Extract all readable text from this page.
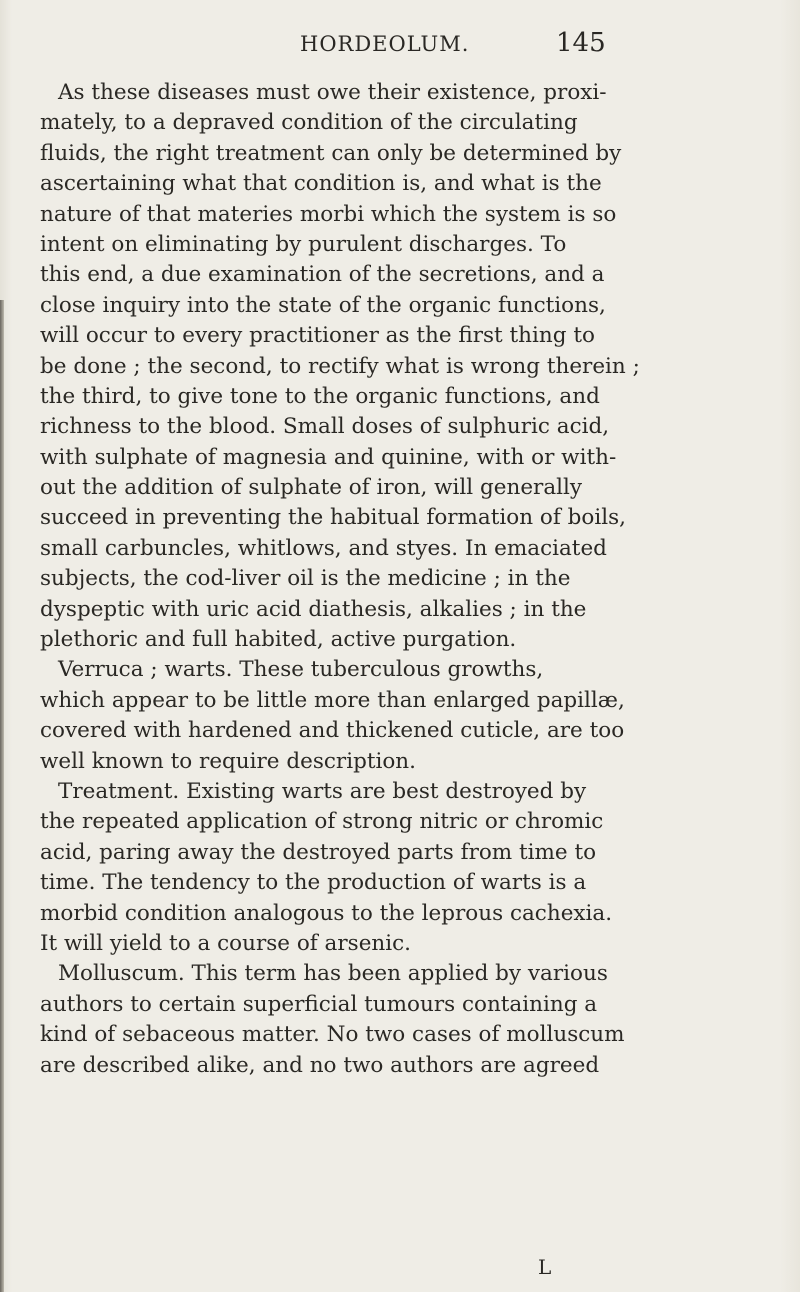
HORDEOLUM.	145
As these diseases must owe their existence, proxi-
mately, to a depraved condition of the circulating
fluids, the right treatment can only be determined by
ascertaining what that condition is, and what is the
nature of that materies morbi which the system is so
intent on eliminating by purulent discharges. To
this end, a due examination of the secretions, and a
close inquiry into the state of the organic functions,
will occur to every practitioner as the first thing to
be done ; the second, to rectify what is wrong therein ;
the third, to give tone to the organic functions, and
richness to the blood. Small doses of sulphuric acid,
with sulphate of magnesia and quinine, with or with-
out the addition of sulphate of iron, will generally
succeed in preventing the habitual formation of boils,
small carbuncles, whitlows, and styes. In emaciated
subjects, the cod-liver oil is the medicine ; in the
dyspeptic with uric acid diathesis, alkalies ; in the
plethoric and full habited, active purgation.
Verruca ; warts. These tuberculous growths,
which appear to be little more than enlarged papillæ,
covered with hardened and thickened cuticle, are too
well known to require description.
Treatment. Existing warts are best destroyed by
the repeated application of strong nitric or chromic
acid, paring away the destroyed parts from time to
time. The tendency to the production of warts is a
morbid condition analogous to the leprous cachexia.
It will yield to a course of arsenic.
Molluscum. This term has been applied by various
authors to certain superficial tumours containing a
kind of sebaceous matter. No two cases of molluscum
are described alike, and no two authors are agreed
L
